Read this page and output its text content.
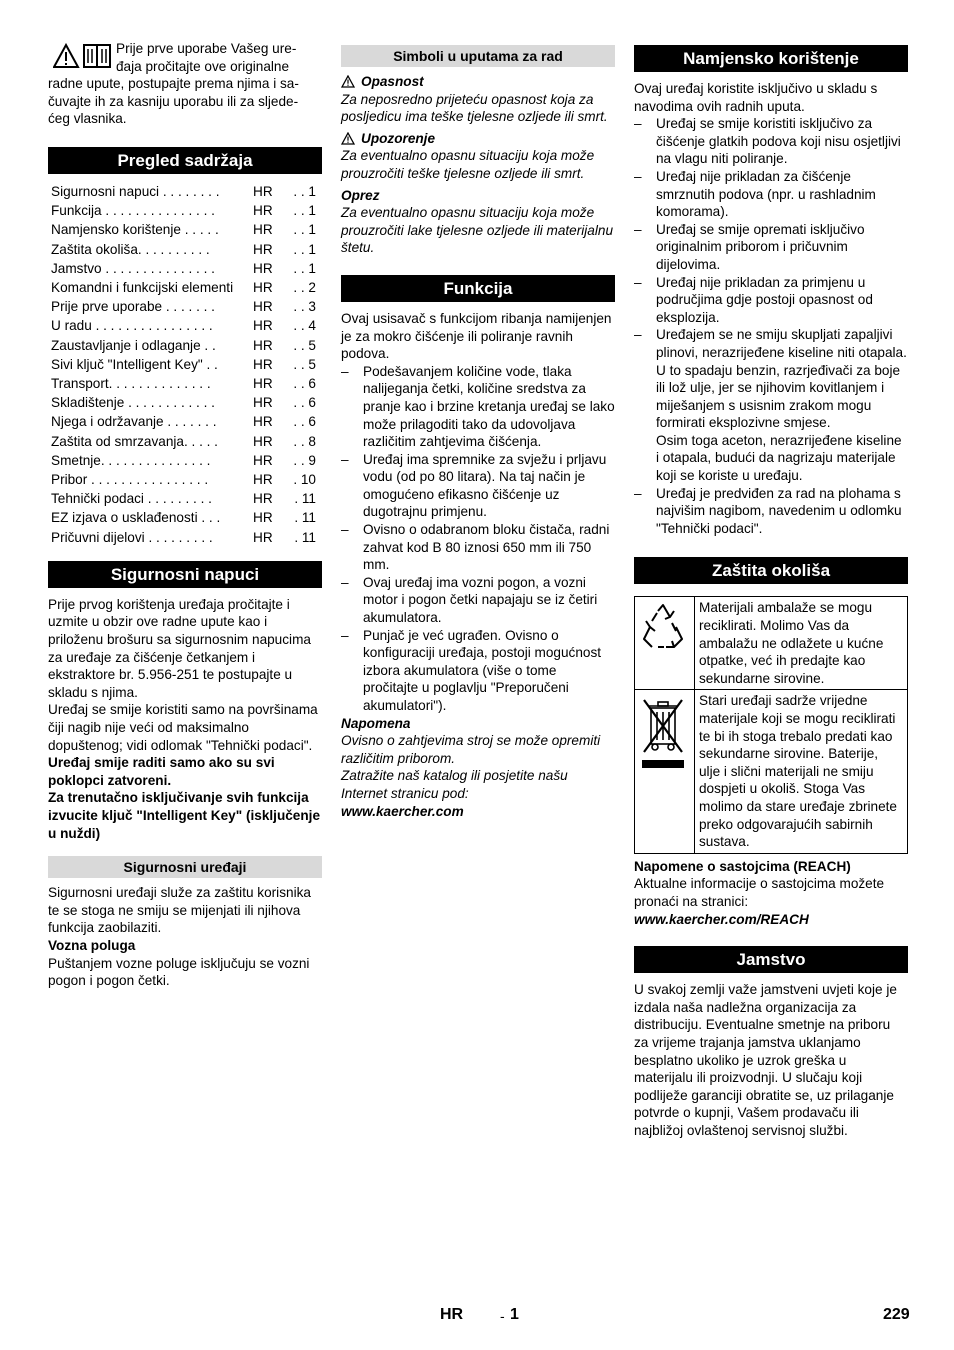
Prije prve uporabe Vašeg ure-

đaja pročitajte ove originalne

radne upute, postupajte prema njima i sa-

čuvajte ih za kasniju uporabu ili za sljede-

ćeg vlasnika.

Pregled sadržaja
Sigurnosni napuci . . . . . . . .	HR	. . 1
Funkcija . . . . . . . . . . . . . . .	HR	. . 1
Namjensko korištenje . . . . .	HR	. . 1
Zaštita okoliša. . . . . . . . . .	HR	. . 1
Jamstvo . . . . . . . . . . . . . . .	HR	. . 1
Komandni i funkcijski elementi	HR	. . 2
Prije prve uporabe . . . . . . .	HR	. . 3
U radu . . . . . . . . . . . . . . . .	HR	. . 4
Zaustavljanje i odlaganje . .	HR	. . 5
Sivi ključ "Intelligent Key" . .	HR	. . 5
Transport. . . . . . . . . . . . . .	HR	. . 6
Skladištenje . . . . . . . . . . . .	HR	. . 6
Njega i održavanje . . . . . . .	HR	. . 6
Zaštita od smrzavanja. . . . .	HR	. . 8
Smetnje. . . . . . . . . . . . . . .	HR	. . 9
Pribor . . . . . . . . . . . . . . . .	HR	. 10
Tehnički podaci . . . . . . . . .	HR	. 11
EZ izjava o usklađenosti . . .	HR	. 11
Pričuvni dijelovi . . . . . . . . .	HR	. 11
Sigurnosni napuci

Prije prvog korištenja uređaja pročitajte i uzmite u obzir ove radne upute kao i priloženu brošuru sa sigurnosnim napucima za uređaje za čišćenje četkanjem i ekstraktore br. 5.956-251 te postupajte u skladu s njima.

Uređaj se smije koristiti samo na površinama čiji nagib nije veći od maksimalno dopuštenog; vidi odlomak "Tehnički podaci".

Uređaj smije raditi samo ako su svi poklopci zatvoreni.

Za trenutačno isključivanje svih funkcija izvucite ključ "Intelligent Key" (isključenje u nuždi)

Sigurnosni uređaji

Sigurnosni uređaji služe za zaštitu korisnika te se stoga ne smiju se mijenjati ili njihova funkcija zaobilaziti.

Vozna poluga

Puštanjem vozne poluge isključuju se vozni pogon i pogon četki.

Simboli u uputama za rad

Opasnost

Za neposredno prijeteću opasnost koja za posljedicu ima teške tjelesne ozljede ili smrt.

Upozorenje

Za eventualno opasnu situaciju koja može prouzročiti teške tjelesne ozljede ili smrt.

Oprez

Za eventualno opasnu situaciju koja može prouzročiti lake tjelesne ozljede ili materijalnu štetu.

Funkcija

Ovaj usisavač s funkcijom ribanja namijenjen je za mokro čišćenje ili poliranje ravnih podova.

– Podešavanjem količine vode, tlaka nalijeganja četki, količine sredstva za pranje kao i brzine kretanja uređaj se lako može prilagoditi tako da udovoljava različitim zahtjevima čišćenja.

– Uređaj ima spremnike za svježu i prljavu vodu (od po 80 litara). Na taj način je omogućeno efikasno čišćenje uz dugotrajnu primjenu.

– Ovisno o odabranom bloku čistača, radni zahvat kod B 80 iznosi 650 mm ili 750 mm.

– Ovaj uređaj ima vozni pogon, a vozni motor i pogon četki napajaju se iz četiri akumulatora.

– Punjač je već ugrađen. Ovisno o konfiguraciji uređaja, postoji mogućnost izbora akumulatora (više o tome pročitajte u poglavlju "Preporučeni akumulatori").

Napomena

Ovisno o zahtjevima stroj se može opremiti različitim priborom.

Zatražite naš katalog ili posjetite našu Internet stranicu pod:

www.kaercher.com

Namjensko korištenje

Ovaj uređaj koristite isključivo u skladu s navodima ovih radnih uputa.

– Uređaj se smije koristiti isključivo za čišćenje glatkih podova koji nisu osjetljivi na vlagu niti poliranje.

– Uređaj nije prikladan za čišćenje smrznutih podova (npr. u rashladnim komorama).

– Uređaj se smije opremati isključivo originalnim priborom i pričuvnim dijelovima.

– Uređaj nije prikladan za primjenu u područjima gdje postoji opasnost od eksplozija.

– Uređajem se ne smiju skupljati zapaljivi plinovi, nerazrijeđene kiseline niti otapala.

U to spadaju benzin, razrjeđivači za boje ili lož ulje, jer se njihovim kovitlanjem i miješanjem s usisnim zrakom mogu formirati eksplozivne smjese.

Osim toga aceton, nerazrijeđene kiseline i otapala, budući da nagrizaju materijale koji se koriste u uređaju.

– Uređaj je predviđen za rad na plohama s najvišim nagibom, navedenim u odlomku "Tehnički podaci".

Zaštita okoliša
	Materijali ambalaže se mogu reciklirati. Molimo Vas da ambalažu ne odlažete u kućne otpatke, već ih predajte kao sekundarne sirovine.
	Stari uređaji sadrže vrijedne materijale koji se mogu reciklirati te bi ih stoga trebalo predati kao sekundarne sirovine. Baterije, ulje i slični materijali ne smiju dospjeti u okoliš. Stoga Vas molimo da stare uređaje zbrinete preko odgovarajućih sabirnih sustava.

Napomene o sastojcima (REACH)

Aktualne informacije o sastojcima možete pronaći na stranici:

www.kaercher.com/REACH

Jamstvo

U svakoj zemlji važe jamstveni uvjeti koje je izdala naša nadležna organizacija za distribuciju. Eventualne smetnje na priboru za vrijeme trajanja jamstva uklanjamo besplatno ukoliko je uzrok greška u materijalu ili proizvodnji. U slučaju koji podliježe garanciji obratite se, uz prilaganje potvrde o kupnji, Vašem prodavaču ili najbližoj ovlaštenoj servisnoj službi.

HR	- 1	229
